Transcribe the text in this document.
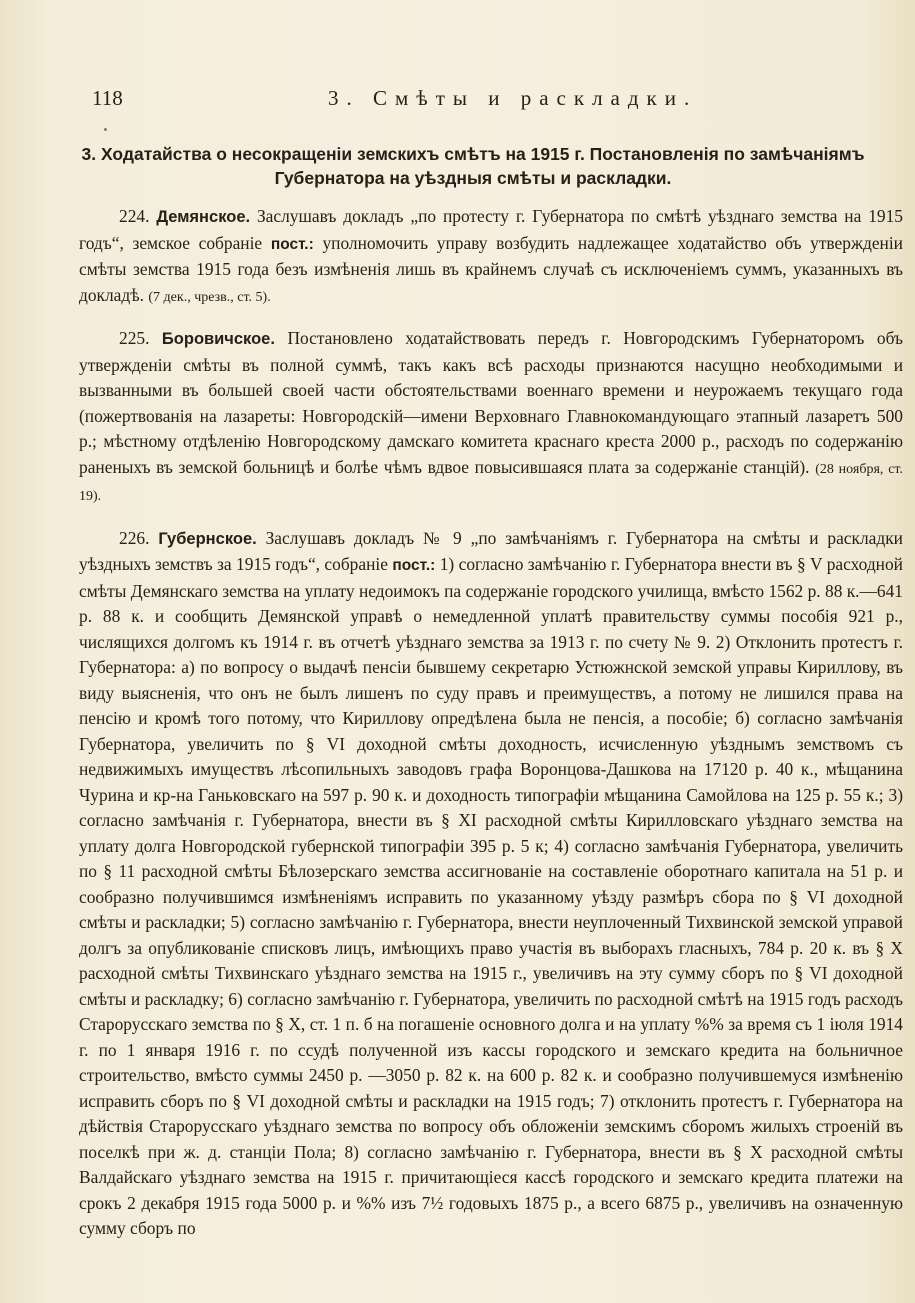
118	3. Смѣты и раскладки.
3. Ходатайства о несокращеніи земскихъ смѣтъ на 1915 г. Постановленія по замѣчаніямъ Губернатора на уѣздныя смѣты и раскладки.

224. Демянское. Заслушавъ докладъ „по протесту г. Губернатора по смѣтѣ уѣзднаго земства на 1915 годъ“, земское собраніе пост.: уполномочить управу возбудить надлежащее ходатайство объ утвержденіи смѣты земства 1915 года безъ измѣненія лишь въ крайнемъ случаѣ съ исключеніемъ суммъ, указанныхъ въ докладѣ. (7 дек., чрезв., ст. 5).

225. Боровичское. Постановлено ходатайствовать передъ г. Новгородскимъ Губернаторомъ объ утвержденіи смѣты въ полной суммѣ, такъ какъ всѣ расходы признаются насущно необходимыми и вызванными въ большей своей части обстоятельствами военнаго времени и неурожаемъ текущаго года (пожертвованія на лазареты: Новгородскій—имени Верховнаго Главнокомандующаго этапный лазаретъ 500 р.; мѣстному отдѣленію Новгородскому дамскаго комитета краснаго креста 2000 р., расходъ по содержанію раненыхъ въ земской больницѣ и болѣе чѣмъ вдвое повысившаяся плата за содержаніе станцій). (28 ноября, ст. 19).

226. Губернское. Заслушавъ докладъ № 9 „по замѣчаніямъ г. Губернатора на смѣты и раскладки уѣздныхъ земствъ за 1915 годъ“, собраніе пост.: 1) согласно замѣчанію г. Губернатора внести въ § V расходной смѣты Демянскаго земства на уплату недоимокъ па содержаніе городского училища, вмѣсто 1562 р. 88 к.—641 р. 88 к. и сообщить Демянской управѣ о немедленной уплатѣ правительству суммы пособія 921 р., числящихся долгомъ къ 1914 г. въ отчетѣ уѣзднаго земства за 1913 г. по счету № 9. 2) Отклонить протестъ г. Губернатора: а) по вопросу о выдачѣ пенсіи бывшему секретарю Устюжнской земской управы Кириллову, въ виду выясненія, что онъ не былъ лишенъ по суду правъ и преимуществъ, а потому не лишился права на пенсію и кромѣ того потому, что Кириллову опредѣлена была не пенсія, а пособіе; б) согласно замѣчанія Губернатора, увеличить по § VI доходной смѣты доходность, исчисленную уѣзднымъ земствомъ съ недвижимыхъ имуществъ лѣсопильныхъ заводовъ графа Воронцова-Дашкова на 17120 р. 40 к., мѣщанина Чурина и кр-на Ганьковскаго на 597 р. 90 к. и доходность типографіи мѣщанина Самойлова на 125 р. 55 к.; 3) согласно замѣчанія г. Губернатора, внести въ § XI расходной смѣты Кирилловскаго уѣзднаго земства на уплату долга Новгородской губернской типографіи 395 р. 5 к; 4) согласно замѣчанія Губернатора, увеличить по § 11 расходной смѣты Бѣлозерскаго земства ассигнованіе на составленіе оборотнаго капитала на 51 р. и сообразно получившимся измѣненіямъ исправить по указанному уѣзду размѣръ сбора по § VI доходной смѣты и раскладки; 5) согласно замѣчанію г. Губернатора, внести неуплоченный Тихвинской земской управой долгъ за опубликованіе списковъ лицъ, имѣющихъ право участія въ выборахъ гласныхъ, 784 р. 20 к. въ § X расходной смѣты Тихвинскаго уѣзднаго земства на 1915 г., увеличивъ на эту сумму сборъ по § VI доходной смѣты и раскладку; 6) согласно замѣчанію г. Губернатора, увеличить по расходной смѣтѣ на 1915 годъ расходъ Старорусскаго земства по § X, ст. 1 п. б на погашеніе основного долга и на уплату %% за время съ 1 іюля 1914 г. по 1 января 1916 г. по ссудѣ полученной изъ кассы городского и земскаго кредита на больничное строительство, вмѣсто суммы 2450 р. —3050 р. 82 к. на 600 р. 82 к. и сообразно получившемуся измѣненію исправить сборъ по § VI доходной смѣты и раскладки на 1915 годъ; 7) отклонить протестъ г. Губернатора на дѣйствія Старорусскаго уѣзднаго земства по вопросу объ обложеніи земскимъ сборомъ жилыхъ строеній въ поселкѣ при ж. д. станціи Пола; 8) согласно замѣчанію г. Губернатора, внести въ § X расходной смѣты Валдайскаго уѣзднаго земства на 1915 г. причитающіеся кассѣ городского и земскаго кредита платежи на срокъ 2 декабря 1915 года 5000 р. и %% изъ 7½ годовыхъ 1875 р., а всего 6875 р., увеличивъ на означенную сумму сборъ по
